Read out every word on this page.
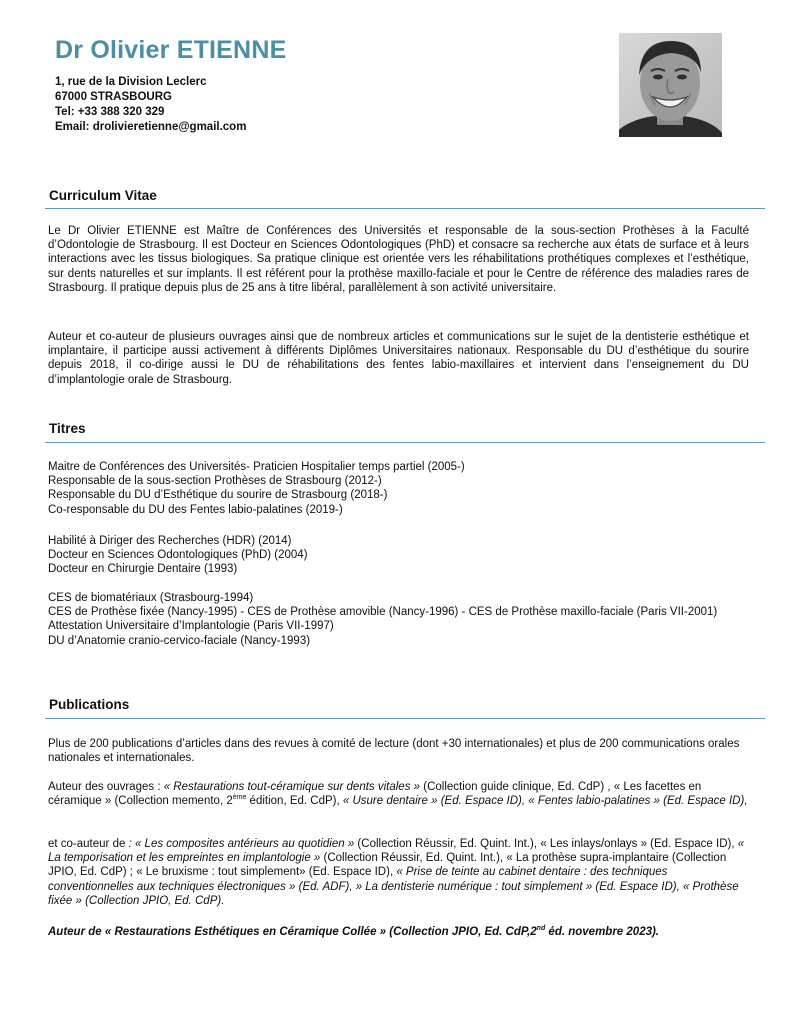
Dr Olivier ETIENNE
1, rue de la Division Leclerc
67000 STRASBOURG
Tel: +33 388 320 329
Email: drolivieretienne@gmail.com
Curriculum Vitae

Le Dr Olivier ETIENNE est Maître de Conférences des Universités et responsable de la sous-section Prothèses à la Faculté d’Odontologie de Strasbourg. Il est Docteur en Sciences Odontologiques (PhD) et consacre sa recherche aux états de surface et à leurs interactions avec les tissus biologiques. Sa pratique clinique est orientée vers les réhabilitations prothétiques complexes et l’esthétique, sur dents naturelles et sur implants. Il est référent pour la prothèse maxillo-faciale et pour le Centre de référence des maladies rares de Strasbourg. Il pratique depuis plus de 25 ans à titre libéral, parallèlement à son activité universitaire.

Auteur et co-auteur de plusieurs ouvrages ainsi que de nombreux articles et communications sur le sujet de la dentisterie esthétique et implantaire, il participe aussi activement à différents Diplômes Universitaires nationaux. Responsable du DU d’esthétique du sourire depuis 2018, il co-dirige aussi le DU de réhabilitations des fentes labio-maxillaires et intervient dans l’enseignement du DU d’implantologie orale de Strasbourg.

Titres
Maitre de Conférences des Universités- Praticien Hospitalier temps partiel (2005-)
Responsable de la sous-section Prothèses de Strasbourg (2012-)
Responsable du DU d’Esthétique du sourire de Strasbourg (2018-)
Co-responsable du DU des Fentes labio-palatines (2019-)
Habilité à Diriger des Recherches (HDR) (2014)
Docteur en Sciences Odontologiques (PhD) (2004)
Docteur en Chirurgie Dentaire (1993)
CES de biomatériaux (Strasbourg-1994)
CES de Prothèse fixée (Nancy-1995) - CES de Prothèse amovible (Nancy-1996) - CES de Prothèse maxillo-faciale (Paris VII-2001)
Attestation Universitaire d’Implantologie (Paris VII-1997)
DU d’Anatomie cranio-cervico-faciale (Nancy-1993)
Publications

Plus de 200 publications d’articles dans des revues à comité de lecture (dont +30 internationales) et plus de 200 communications orales nationales et internationales.

Auteur des ouvrages : « Restaurations tout-céramique sur dents vitales » (Collection guide clinique, Ed. CdP) , « Les facettes en céramique » (Collection memento, 2ème édition, Ed. CdP), « Usure dentaire » (Ed. Espace ID), « Fentes labio-palatines » (Ed. Espace ID),

et co-auteur de : « Les composites antérieurs au quotidien » (Collection Réussir, Ed. Quint. Int.), « Les inlays/onlays » (Ed. Espace ID), « La temporisation et les empreintes en implantologie » (Collection Réussir, Ed. Quint. Int.), « La prothèse supra-implantaire (Collection JPIO, Ed. CdP) ; « Le bruxisme : tout simplement» (Ed. Espace ID), « Prise de teinte au cabinet dentaire : des techniques conventionnelles aux techniques électroniques » (Ed. ADF), » La dentisterie numérique : tout simplement » (Ed. Espace ID), « Prothèse fixée » (Collection JPIO, Ed. CdP).

Auteur de « Restaurations Esthétiques en Céramique Collée » (Collection JPIO, Ed. CdP,2nd éd. novembre 2023).
